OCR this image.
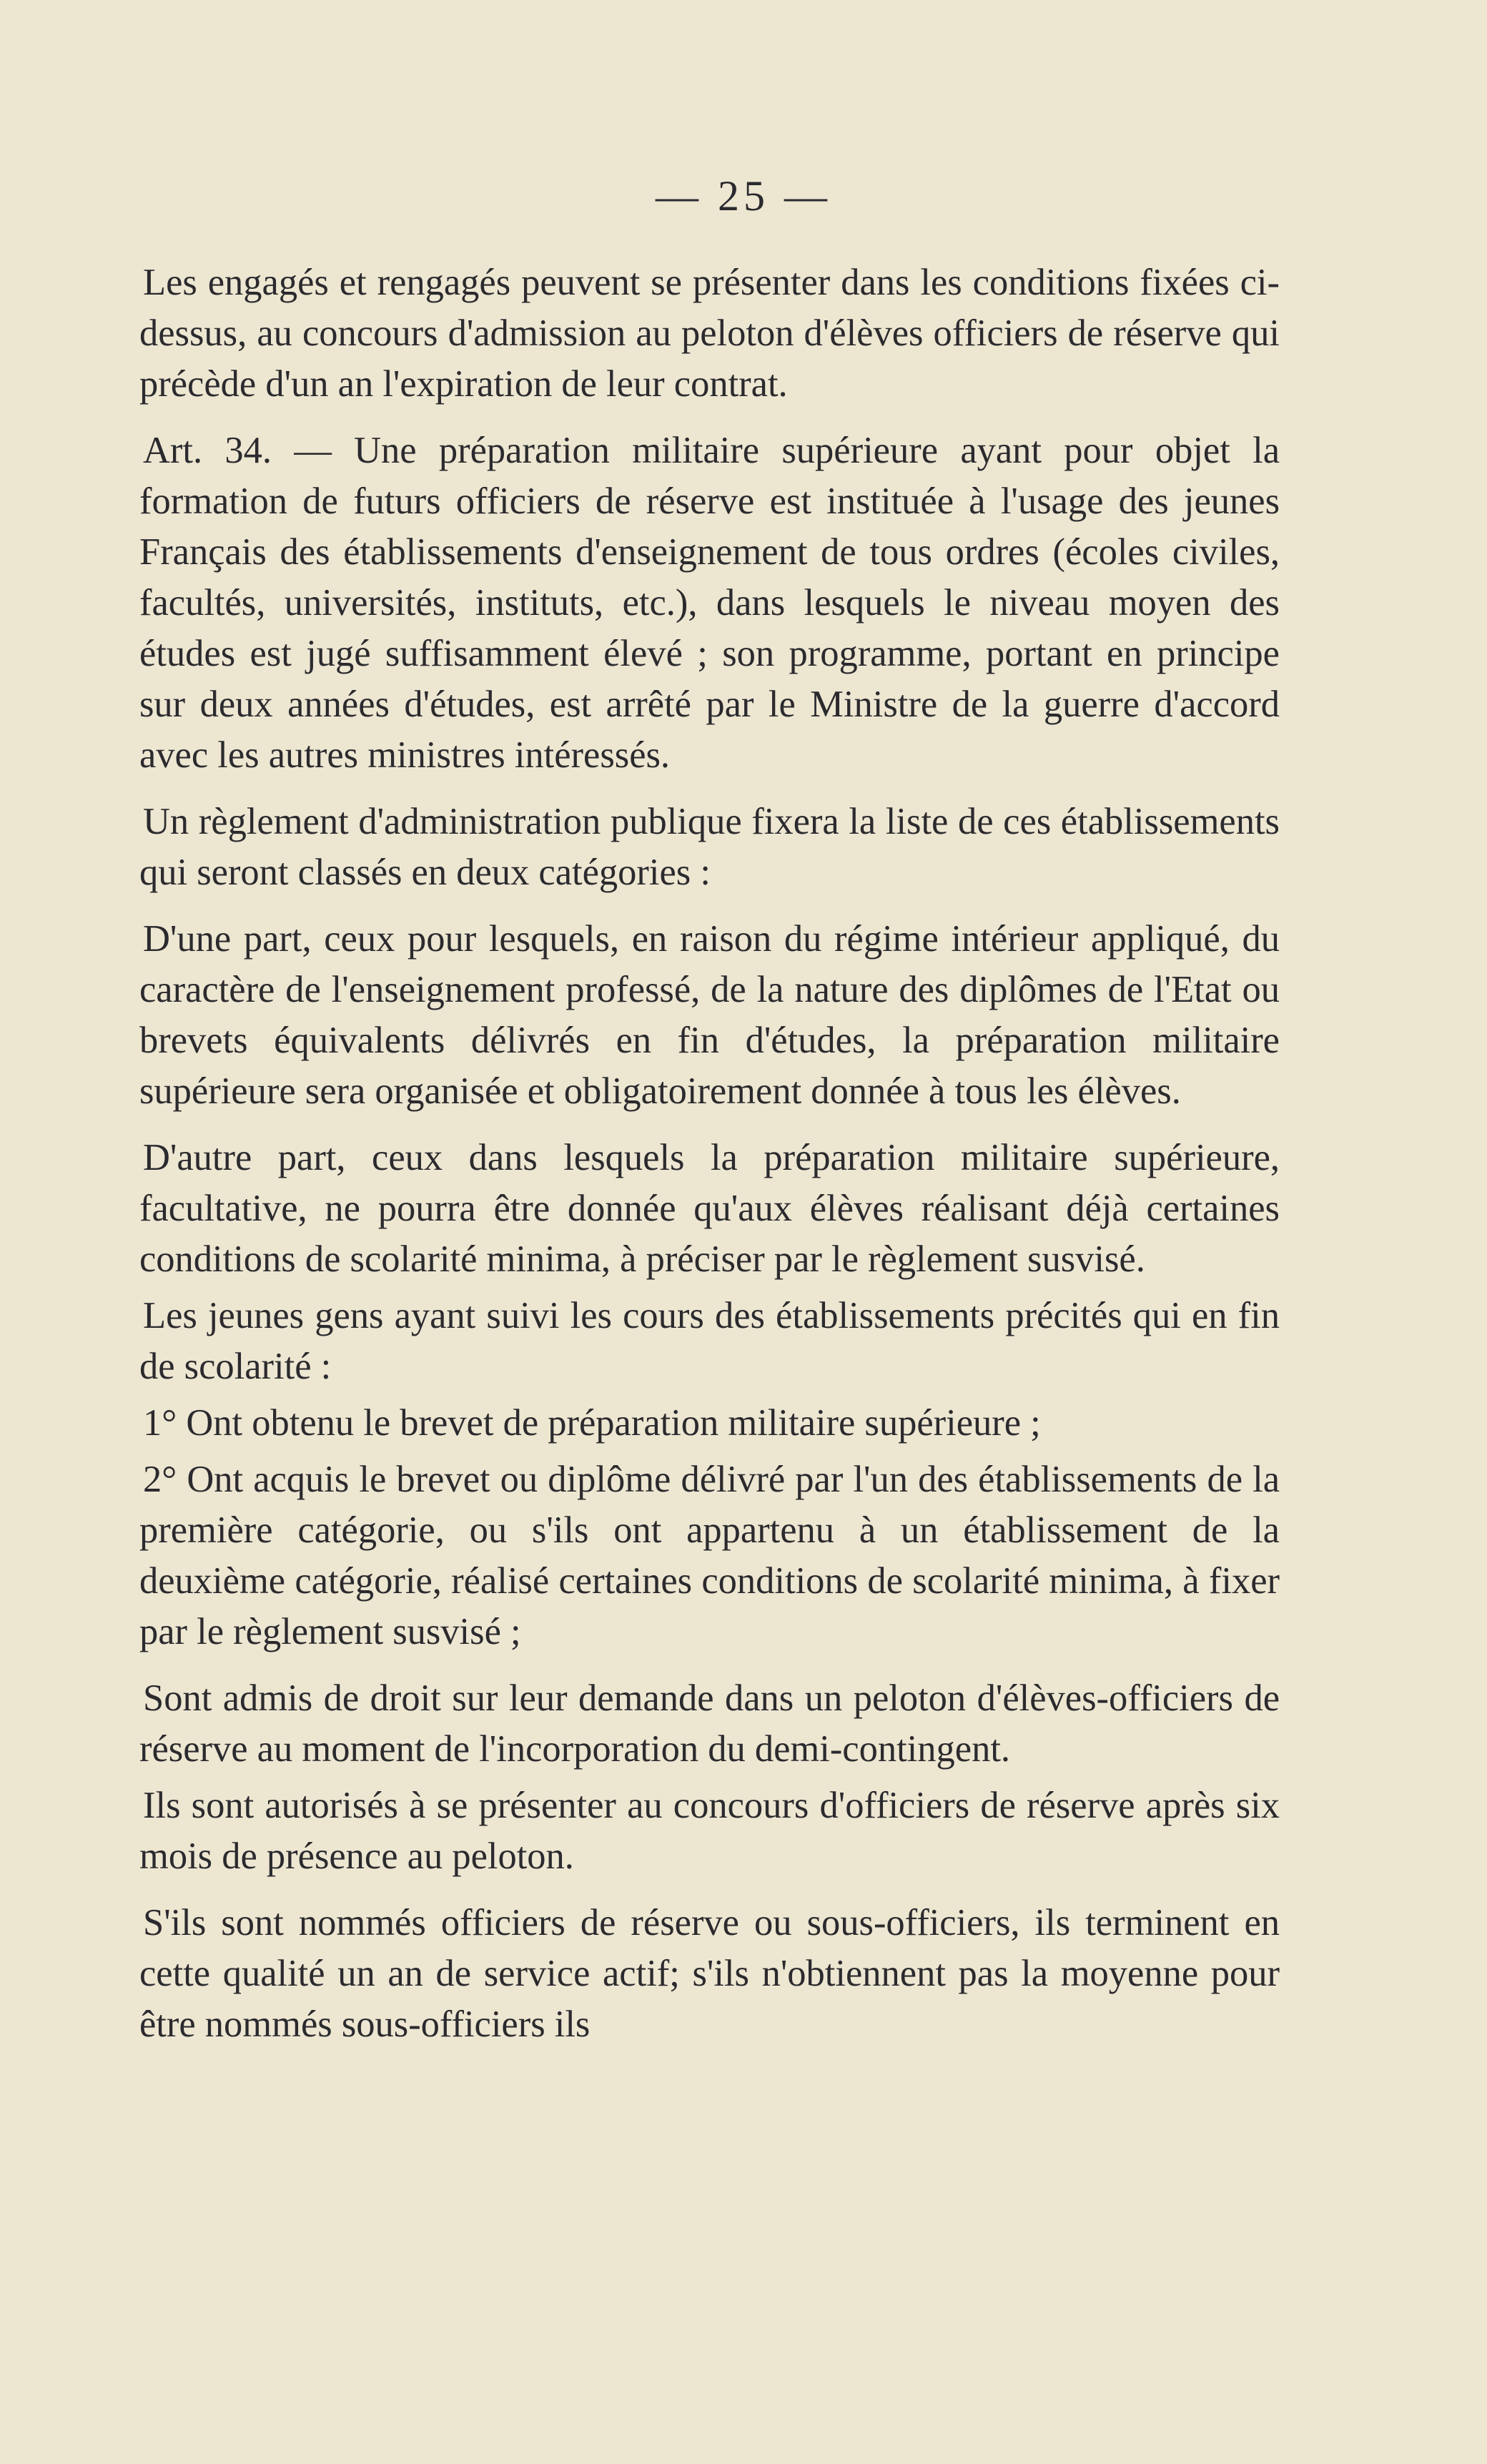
— 25 —

Les engagés et rengagés peuvent se présenter dans les conditions fixées ci-dessus, au concours d'admission au peloton d'élèves officiers de réserve qui précède d'un an l'expiration de leur contrat.

Art. 34. — Une préparation militaire supérieure ayant pour objet la formation de futurs officiers de réserve est instituée à l'usage des jeunes Français des établissements d'enseignement de tous ordres (écoles civiles, facultés, universités, instituts, etc.), dans lesquels le niveau moyen des études est jugé suffisamment élevé ; son programme, portant en principe sur deux années d'études, est arrêté par le Ministre de la guerre d'accord avec les autres ministres intéressés.

Un règlement d'administration publique fixera la liste de ces établissements qui seront classés en deux catégories :

D'une part, ceux pour lesquels, en raison du régime intérieur appliqué, du caractère de l'enseignement professé, de la nature des diplômes de l'Etat ou brevets équivalents délivrés en fin d'études, la préparation militaire supérieure sera organisée et obligatoirement donnée à tous les élèves.

D'autre part, ceux dans lesquels la préparation militaire supérieure, facultative, ne pourra être donnée qu'aux élèves réalisant déjà certaines conditions de scolarité minima, à préciser par le règlement susvisé.

Les jeunes gens ayant suivi les cours des établissements précités qui en fin de scolarité :

1° Ont obtenu le brevet de préparation militaire supérieure ;

2° Ont acquis le brevet ou diplôme délivré par l'un des établissements de la première catégorie, ou s'ils ont appartenu à un établissement de la deuxième catégorie, réalisé certaines conditions de scolarité minima, à fixer par le règlement susvisé ;

Sont admis de droit sur leur demande dans un peloton d'élèves-officiers de réserve au moment de l'incorporation du demi-contingent.

Ils sont autorisés à se présenter au concours d'officiers de réserve après six mois de présence au peloton.

S'ils sont nommés officiers de réserve ou sous-officiers, ils terminent en cette qualité un an de service actif; s'ils n'obtiennent pas la moyenne pour être nommés sous-officiers ils
